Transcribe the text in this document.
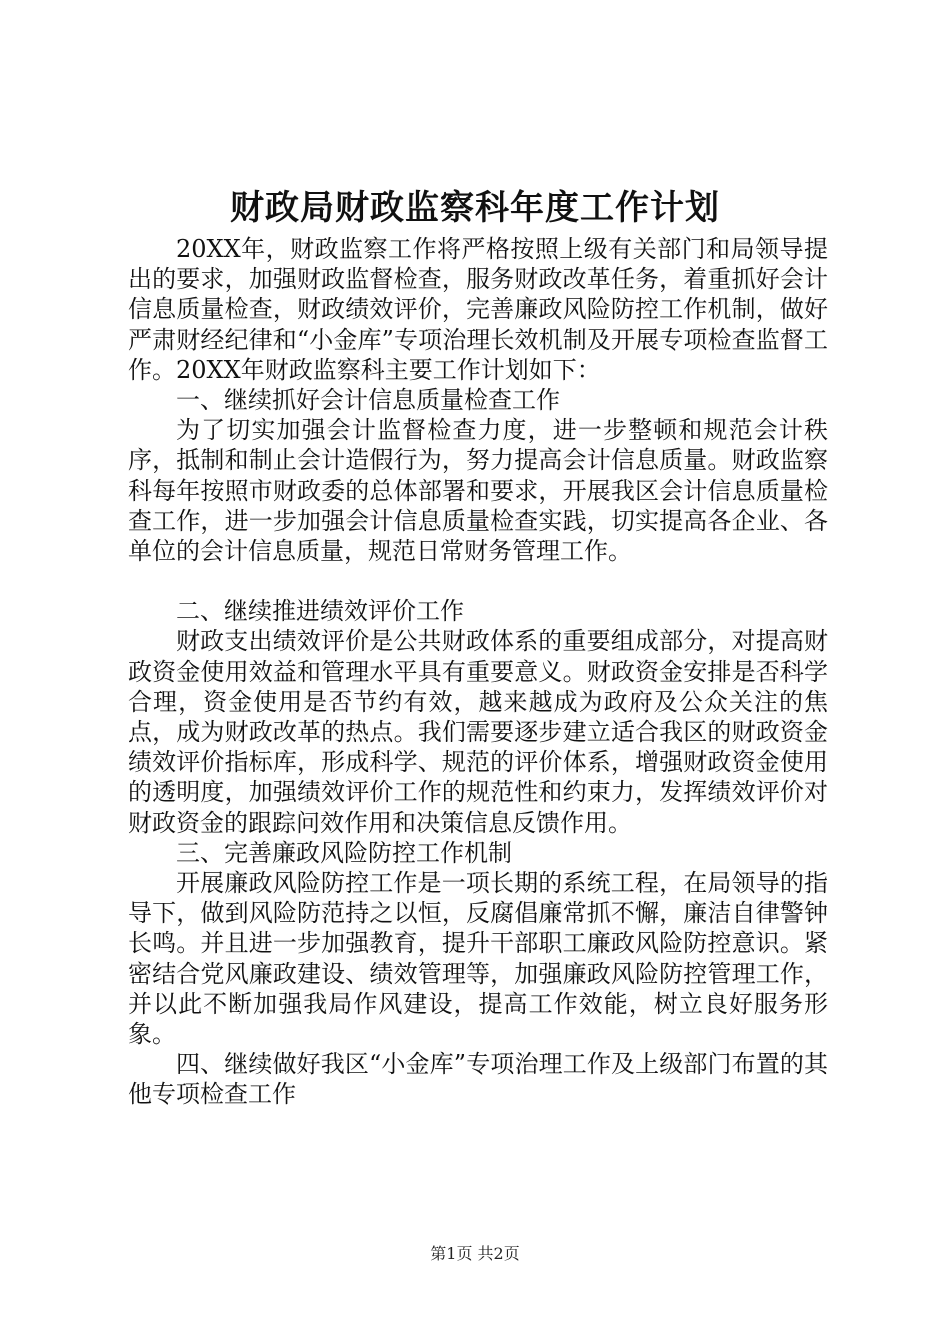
财政局财政监察科年度工作计划

20XX年，财政监察工作将严格按照上级有关部门和局领导提出的要求，加强财政监督检查，服务财政改革任务，着重抓好会计信息质量检查，财政绩效评价，完善廉政风险防控工作机制，做好严肃财经纪律和“小金库”专项治理长效机制及开展专项检查监督工作。20XX年财政监察科主要工作计划如下：

一、继续抓好会计信息质量检查工作

为了切实加强会计监督检查力度，进一步整顿和规范会计秩序，抵制和制止会计造假行为，努力提高会计信息质量。财政监察科每年按照市财政委的总体部署和要求，开展我区会计信息质量检查工作，进一步加强会计信息质量检查实践，切实提高各企业、各单位的会计信息质量，规范日常财务管理工作。

二、继续推进绩效评价工作

财政支出绩效评价是公共财政体系的重要组成部分，对提高财政资金使用效益和管理水平具有重要意义。财政资金安排是否科学合理，资金使用是否节约有效，越来越成为政府及公众关注的焦点，成为财政改革的热点。我们需要逐步建立适合我区的财政资金绩效评价指标库，形成科学、规范的评价体系，增强财政资金使用的透明度，加强绩效评价工作的规范性和约束力，发挥绩效评价对财政资金的跟踪问效作用和决策信息反馈作用。

三、完善廉政风险防控工作机制

开展廉政风险防控工作是一项长期的系统工程，在局领导的指导下，做到风险防范持之以恒，反腐倡廉常抓不懈，廉洁自律警钟长鸣。并且进一步加强教育，提升干部职工廉政风险防控意识。紧密结合党风廉政建设、绩效管理等，加强廉政风险防控管理工作，并以此不断加强我局作风建设，提高工作效能，树立良好服务形象。

四、继续做好我区“小金库”专项治理工作及上级部门布置的其他专项检查工作

第1页 共2页
